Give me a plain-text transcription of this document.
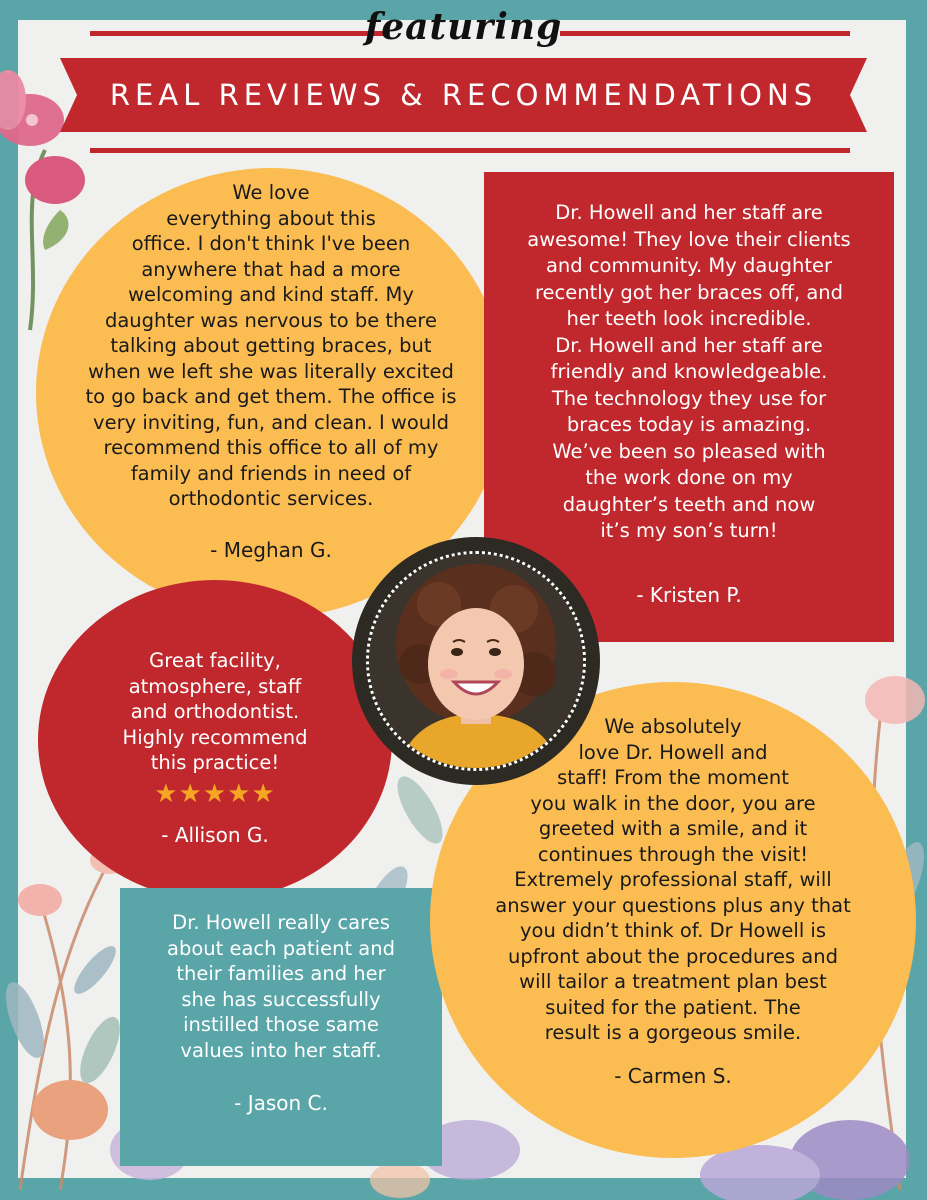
featuring
REAL REVIEWS & RECOMMENDATIONS
We love
everything about this
office. I don't think I've been
anywhere that had a more
welcoming and kind staff. My
daughter was nervous to be there
talking about getting braces, but
when we left she was literally excited
to go back and get them. The office is
very inviting, fun, and clean. I would
recommend this office to all of my
family and friends in need of
orthodontic services.
- Meghan G.
Dr. Howell and her staff are
awesome! They love their clients
and community. My daughter
recently got her braces off, and
her teeth look incredible.
Dr. Howell and her staff are
friendly and knowledgeable.
The technology they use for
braces today is amazing.
We’ve been so pleased with
the work done on my
daughter’s teeth and now
it’s my son’s turn!
- Kristen P.
Great facility,
atmosphere, staff
and orthodontist.
Highly recommend
this practice!
★★★★★
- Allison G.
Dr. Howell really cares
about each patient and
their families and her
she has successfully
instilled those same
values into her staff.
- Jason C.
We absolutely
love Dr. Howell and
staff! From the moment
you walk in the door, you are
greeted with a smile, and it
continues through the visit!
Extremely professional staff, will
answer your questions plus any that
you didn’t think of. Dr Howell is
upfront about the procedures and
will tailor a treatment plan best
suited for the patient. The
result is a gorgeous smile.
- Carmen S.
